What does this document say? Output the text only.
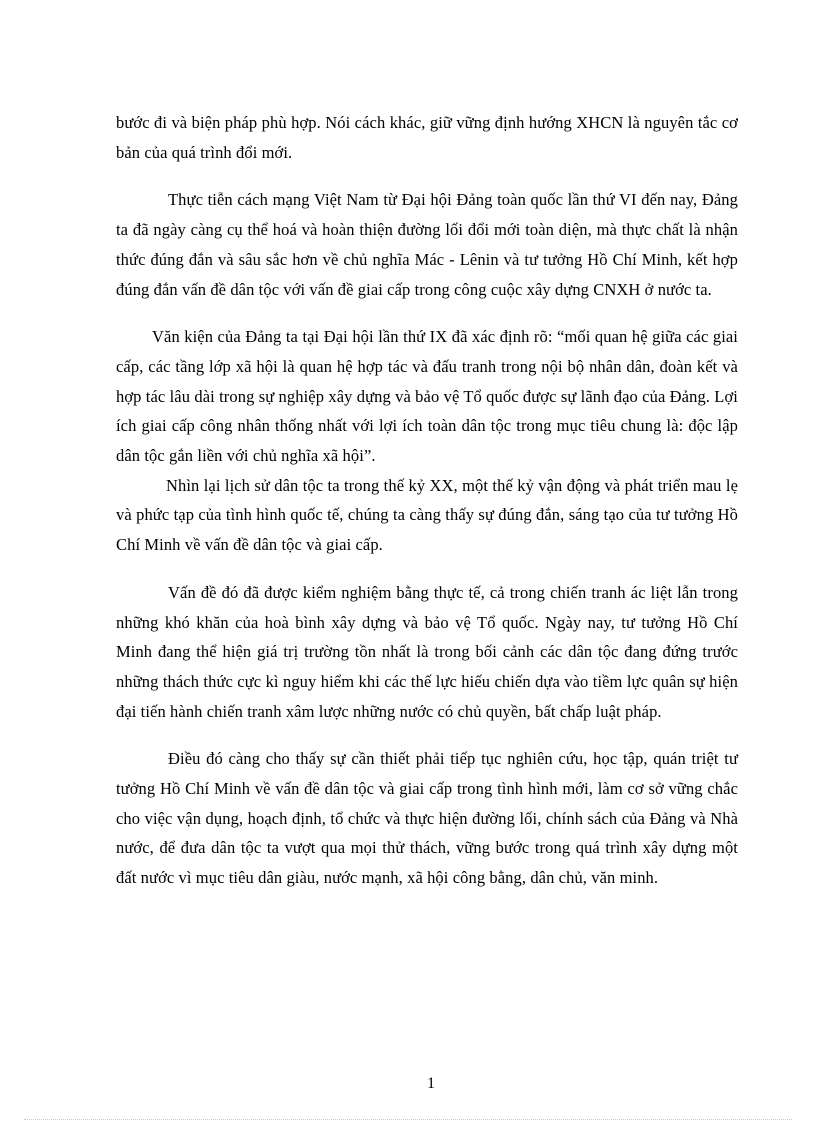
bước đi và biện pháp phù hợp. Nói cách khác, giữ vững định hướng XHCN là nguyên tắc cơ bản của quá trình đổi mới.

Thực tiễn cách mạng Việt Nam từ Đại hội Đảng toàn quốc lần thứ VI đến nay, Đảng ta đã ngày càng cụ thể hoá và hoàn thiện đường lối đổi mới toàn diện, mà thực chất là nhận thức đúng đắn và sâu sắc hơn về chủ nghĩa Mác - Lênin và tư tưởng Hồ Chí Minh, kết hợp đúng đắn vấn đề dân tộc với vấn đề giai cấp trong công cuộc xây dựng CNXH ở nước ta.

Văn kiện của Đảng ta tại Đại hội lần thứ IX đã xác định rõ: “mối quan hệ giữa các giai cấp, các tầng lớp xã hội là quan hệ hợp tác và đấu tranh trong nội bộ nhân dân, đoàn kết và hợp tác lâu dài trong sự nghiệp xây dựng và bảo vệ Tổ quốc được sự lãnh đạo của Đảng. Lợi ích giai cấp công nhân thống nhất với lợi ích toàn dân tộc trong mục tiêu chung là: độc lập dân tộc gắn liền với chủ nghĩa xã hội”.

Nhìn lại lịch sử dân tộc ta trong thế kỷ XX, một thế kỷ vận động và phát triển mau lẹ và phức tạp của tình hình quốc tế, chúng ta càng thấy sự đúng đắn, sáng tạo của tư tưởng Hồ Chí Minh về vấn đề dân tộc và giai cấp.

Vấn đề đó đã được kiểm nghiệm bằng thực tế, cả trong chiến tranh ác liệt lẫn trong những khó khăn của hoà bình xây dựng và bảo vệ Tổ quốc. Ngày nay, tư tưởng Hồ Chí Minh đang thể hiện giá trị trường tồn nhất là trong bối cảnh các dân tộc đang đứng trước những thách thức cực kì nguy hiểm khi các thế lực hiếu chiến dựa vào tiềm lực quân sự hiện đại tiến hành chiến tranh xâm lược những nước có chủ quyền, bất chấp luật pháp.

Điều đó càng cho thấy sự cần thiết phải tiếp tục nghiên cứu, học tập, quán triệt tư tưởng Hồ Chí Minh về vấn đề dân tộc và giai cấp trong tình hình mới, làm cơ sở vững chắc cho việc vận dụng, hoạch định, tổ chức và thực hiện đường lối, chính sách của Đảng và Nhà nước, để đưa dân tộc ta vượt qua mọi thử thách, vững bước trong quá trình xây dựng một đất nước vì mục tiêu dân giàu, nước mạnh, xã hội công bằng, dân chủ, văn minh.

1
